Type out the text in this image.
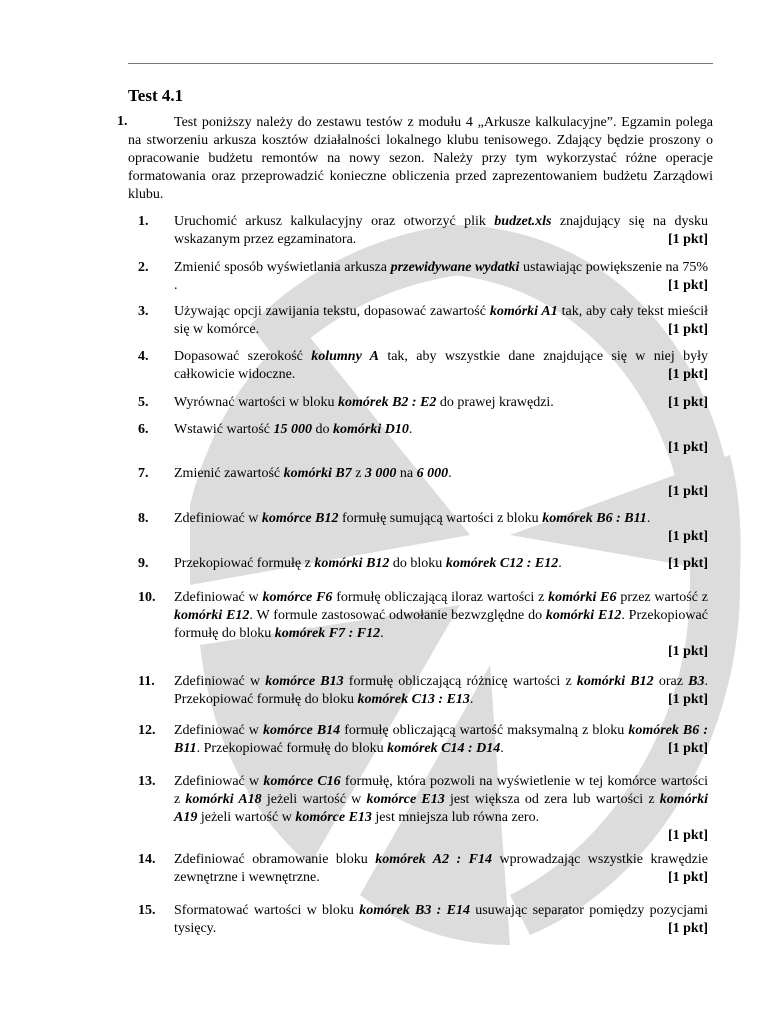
Test 4.1
1.	Test poniższy należy do zestawu testów z modułu 4 „Arkusze kalkulacyjne”. Egzamin polega na stworzeniu arkusza kosztów działalności lokalnego klubu tenisowego. Zdający będzie proszony o opracowanie budżetu remontów na nowy sezon. Należy przy tym wykorzystać różne operacje formatowania oraz przeprowadzić konieczne obliczenia przed zaprezentowaniem budżetu Zarządowi klubu.
1.	Uruchomić arkusz kalkulacyjny oraz otworzyć plik budzet.xls znajdujący się na dysku wskazanym przez egzaminatora.	[1 pkt]
2.	Zmienić sposób wyświetlania arkusza przewidywane wydatki ustawiając powiększenie na 75% .	[1 pkt]
3.	Używając opcji zawijania tekstu, dopasować zawartość komórki A1 tak, aby cały tekst mieścił się w komórce.	[1 pkt]
4.	Dopasować szerokość kolumny A tak, aby wszystkie dane znajdujące się w niej były całkowicie widoczne.	[1 pkt]
5.	Wyrównać wartości w bloku komórek B2 : E2 do prawej krawędzi.	[1 pkt]
6.	Wstawić wartość 15 000 do komórki D10.
[1 pkt]
7.	Zmienić zawartość komórki B7 z 3 000 na 6 000.
[1 pkt]
8.	Zdefiniować w komórce B12 formułę sumującą wartości z bloku komórek B6 : B11.
[1 pkt]
9.	Przekopiować formułę z komórki B12 do bloku komórek C12 : E12.	[1 pkt]
10.	Zdefiniować w komórce F6 formułę obliczającą iloraz wartości z komórki E6 przez wartość z komórki E12. W formule zastosować odwołanie bezwzględne do komórki E12. Przekopiować formułę do bloku komórek F7 : F12.
[1 pkt]
11.	Zdefiniować w komórce B13 formułę obliczającą różnicę wartości z komórki B12 oraz B3. Przekopiować formułę do bloku komórek C13 : E13.	[1 pkt]
12.	Zdefiniować w komórce B14 formułę obliczającą wartość maksymalną z bloku komórek B6 : B11. Przekopiować formułę do bloku komórek C14 : D14.	[1 pkt]
13.	Zdefiniować w komórce C16 formułę, która pozwoli na wyświetlenie w tej komórce wartości z komórki A18 jeżeli wartość w komórce E13 jest większa od zera lub wartości z komórki A19 jeżeli wartość w komórce E13 jest mniejsza lub równa zero.
[1 pkt]
14.	Zdefiniować obramowanie bloku komórek A2 : F14 wprowadzając wszystkie krawędzie zewnętrzne i wewnętrzne.	[1 pkt]
15.	Sformatować wartości w bloku komórek B3 : E14 usuwając separator pomiędzy pozycjami tysięcy.	[1 pkt]
